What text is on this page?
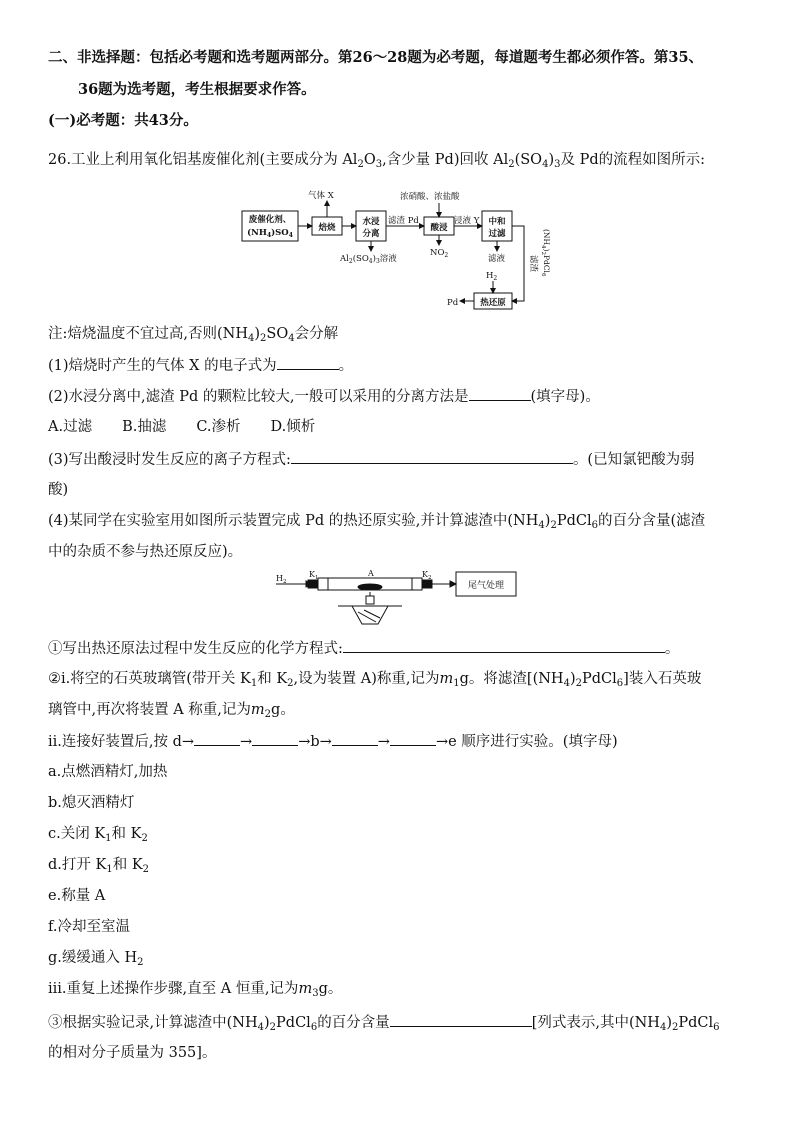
二、非选择题：包括必考题和选考题两部分。第26～28题为必考题，每道题考生都必须作答。第35、
36题为选考题，考生根据要求作答。
(一)必考题：共43分。
26.工业上利用氧化铝基废催化剂(主要成分为 $Al_2O_3$,含少量 Pd)回收 $Al_2(SO_4)_3$及 Pd的流程如图所示:
废催化剂、
$(NH_4)SO_4$
焙烧
气体 X
水浸
分离
$Al_2(SO_4)_3$溶液
滤渣 Pd
浓硝酸、浓盐酸
酸浸
$NO_2$
浸液 Y 中和
过滤
滤液	滤渣
$(NH_4)_2PdCl_6$
$H_2$
热还原
Pd
注:焙烧温度不宜过高,否则$(NH_4)_2SO_4$会分解
(1)焙烧时产生的气体 X 的电子式为	。
(2)水浸分离中,滤渣 Pd 的颗粒比较大,一般可以采用的分离方法是	(填字母)。
A.过滤 B.抽滤 C.渗析 D.倾析
(3)写出酸浸时发生反应的离子方程式:	。(已知氯钯酸为弱
酸)
(4)某同学在实验室用如图所示装置完成 Pd 的热还原实验,并计算滤渣中$(NH_4)_2PdCl_6$的百分含量(滤渣
中的杂质不参与热还原反应)。
$H_2$
$K_1$	A	$K_2$
尾气处理
①写出热还原法过程中发生反应的化学方程式:	。
②ⅰ.将空的石英玻璃管(带开关 $K_1$和 $K_2$,设为装置 A)称重,记为$m_1g$。将滤渣$[(NH_4)_2PdCl_6]$装入石英玻
璃管中,再次将装置 A 称重,记为$m_2g$。
ⅱ.连接好装置后,按 d→	→	→b→	→	→e 顺序进行实验。(填字母)
a.点燃酒精灯,加热
b.熄灭酒精灯
c.关闭 $K_1$和 $K_2$
d.打开 $K_1$和 $K_2$
e.称量 A
f.冷却至室温
g.缓缓通入 $H_2$
ⅲ.重复上述操作步骤,直至 A 恒重,记为$m_3g$。
③根据实验记录,计算滤渣中$(NH_4)_2PdCl_6$的百分含量	[列式表示,其中$(NH_4)_2PdCl_6$
的相对分子质量为 355]。
